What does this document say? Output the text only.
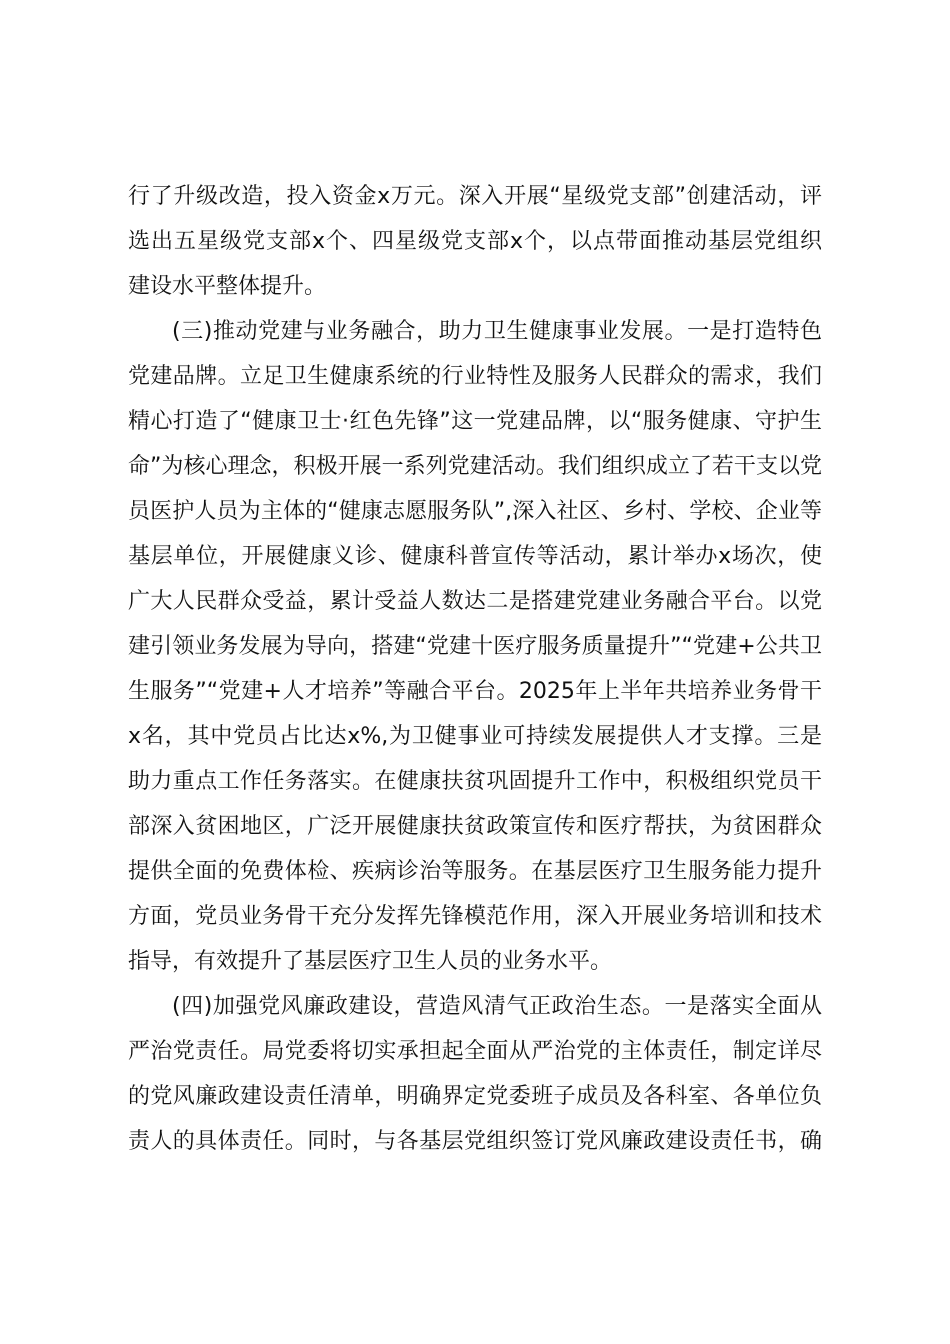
行了升级改造，投入资金x万元。深入开展“星级党支部”创建活动，评
选出五星级党支部x个、四星级党支部x个，以点带面推动基层党组织
建设水平整体提升。
(三)推动党建与业务融合，助力卫生健康事业发展。一是打造特色
党建品牌。立足卫生健康系统的行业特性及服务人民群众的需求，我们
精心打造了“健康卫士·红色先锋”这一党建品牌，以“服务健康、守护生
命”为核心理念，积极开展一系列党建活动。我们组织成立了若干支以党
员医护人员为主体的“健康志愿服务队”,深入社区、乡村、学校、企业等
基层单位，开展健康义诊、健康科普宣传等活动，累计举办x场次，使
广大人民群众受益，累计受益人数达二是搭建党建业务融合平台。以党
建引领业务发展为导向，搭建“党建十医疗服务质量提升”“党建+公共卫
生服务”“党建+人才培养”等融合平台。2025年上半年共培养业务骨干
x名，其中党员占比达x%,为卫健事业可持续发展提供人才支撑。三是
助力重点工作任务落实。在健康扶贫巩固提升工作中，积极组织党员干
部深入贫困地区，广泛开展健康扶贫政策宣传和医疗帮扶，为贫困群众
提供全面的免费体检、疾病诊治等服务。在基层医疗卫生服务能力提升
方面，党员业务骨干充分发挥先锋模范作用，深入开展业务培训和技术
指导，有效提升了基层医疗卫生人员的业务水平。
(四)加强党风廉政建设，营造风清气正政治生态。一是落实全面从
严治党责任。局党委将切实承担起全面从严治党的主体责任，制定详尽
的党风廉政建设责任清单，明确界定党委班子成员及各科室、各单位负
责人的具体责任。同时，与各基层党组织签订党风廉政建设责任书，确
